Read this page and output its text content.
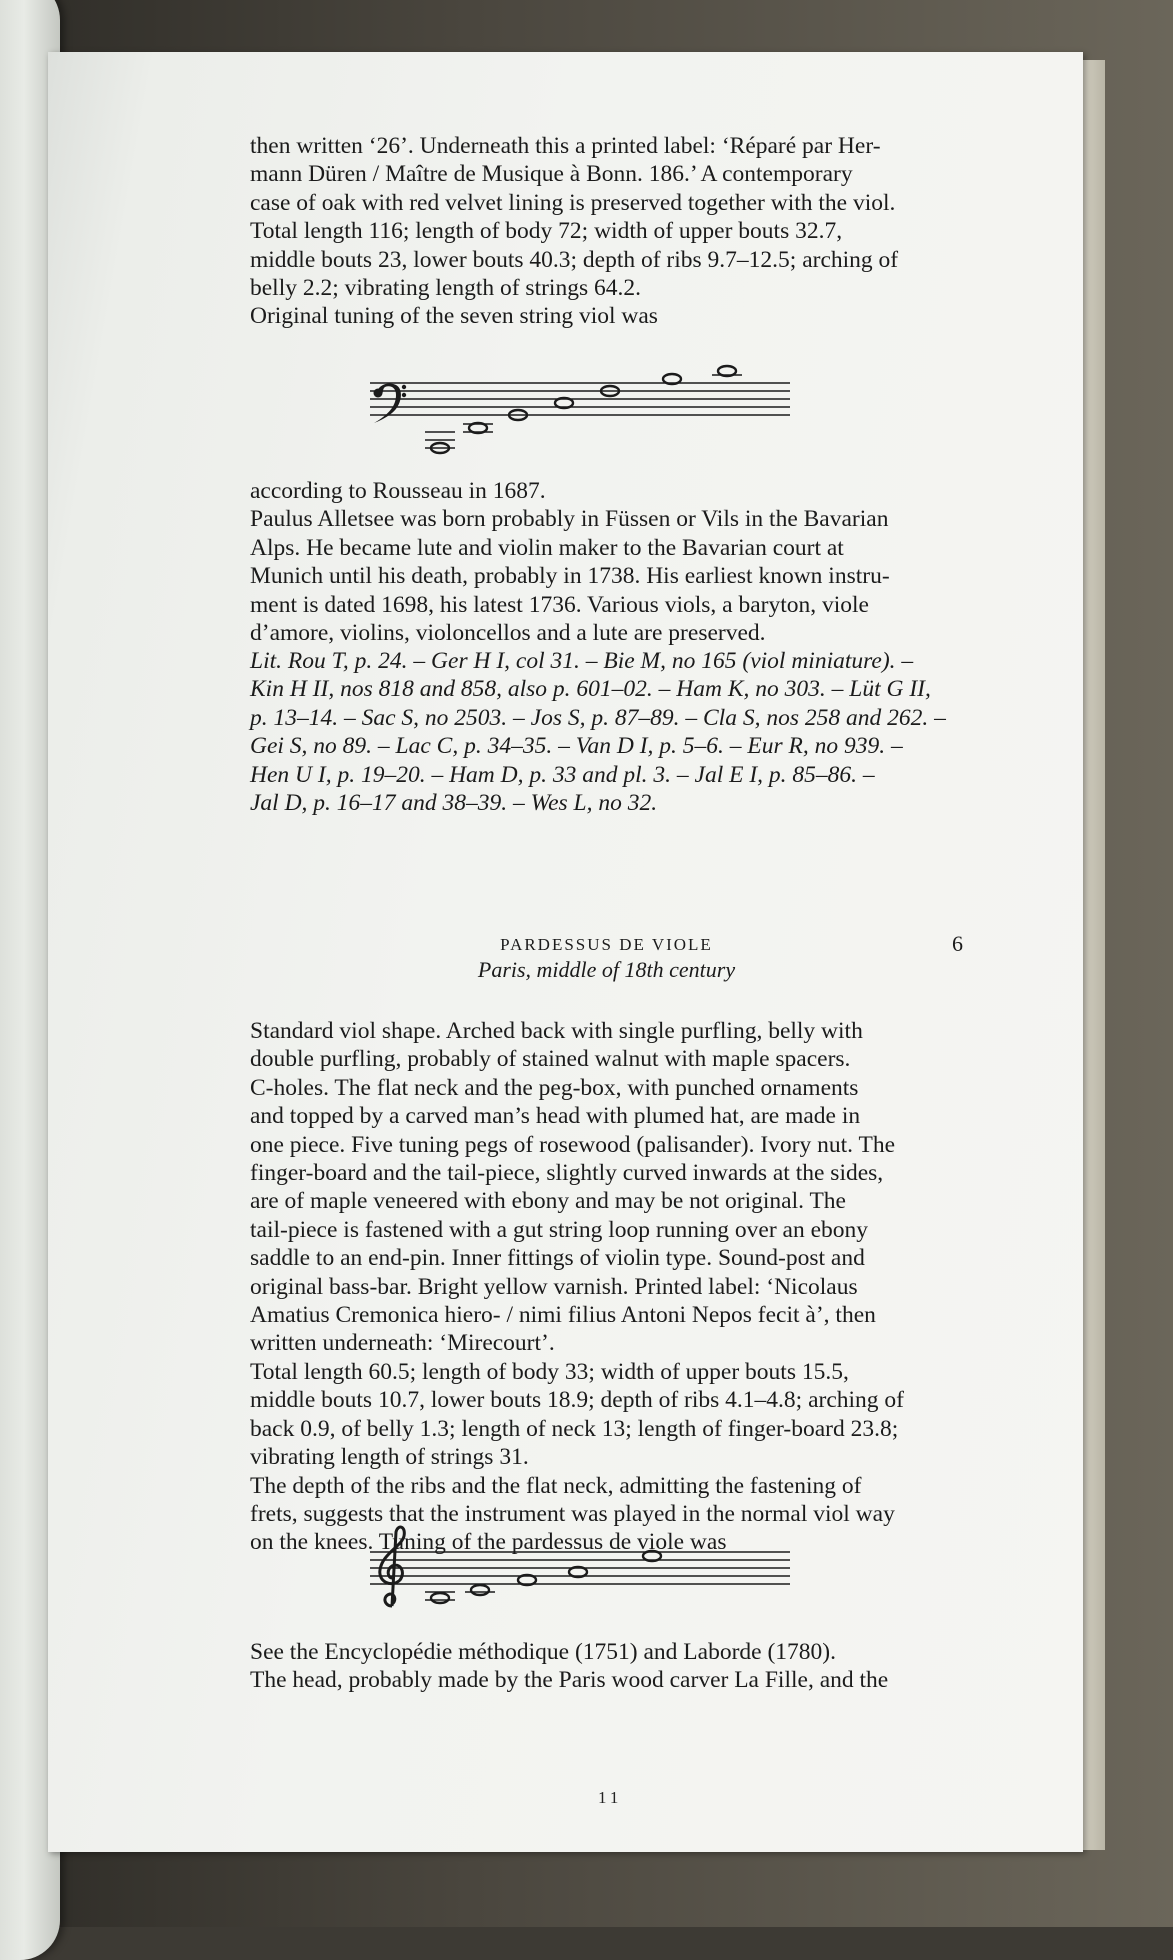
then written ‘26’. Underneath this a printed label: ‘Réparé par Her-

mann Düren / Maître de Musique à Bonn. 186.’ A contemporary

case of oak with red velvet lining is preserved together with the viol.

Total length 116; length of body 72; width of upper bouts 32.7,

middle bouts 23, lower bouts 40.3; depth of ribs 9.7–12.5; arching of

belly 2.2; vibrating length of strings 64.2.

Original tuning of the seven string viol was

according to Rousseau in 1687.

Paulus Alletsee was born probably in Füssen or Vils in the Bavarian

Alps. He became lute and violin maker to the Bavarian court at

Munich until his death, probably in 1738. His earliest known instru-

ment is dated 1698, his latest 1736. Various viols, a baryton, viole

d’amore, violins, violoncellos and a lute are preserved.

Lit. Rou T, p. 24. – Ger H I, col 31. – Bie M, no 165 (viol miniature). –

Kin H II, nos 818 and 858, also p. 601–02. – Ham K, no 303. – Lüt G II,

p. 13–14. – Sac S, no 2503. – Jos S, p. 87–89. – Cla S, nos 258 and 262. –

Gei S, no 89. – Lac C, p. 34–35. – Van D I, p. 5–6. – Eur R, no 939. –

Hen U I, p. 19–20. – Ham D, p. 33 and pl. 3. – Jal E I, p. 85–86. –

Jal D, p. 16–17 and 38–39. – Wes L, no 32.

PARDESSUS DE VIOLE	6
Paris, middle of 18th century

Standard viol shape. Arched back with single purfling, belly with

double purfling, probably of stained walnut with maple spacers.

C-holes. The flat neck and the peg-box, with punched ornaments

and topped by a carved man’s head with plumed hat, are made in

one piece. Five tuning pegs of rosewood (palisander). Ivory nut. The

finger-board and the tail-piece, slightly curved inwards at the sides,

are of maple veneered with ebony and may be not original. The

tail-piece is fastened with a gut string loop running over an ebony

saddle to an end-pin. Inner fittings of violin type. Sound-post and

original bass-bar. Bright yellow varnish. Printed label: ‘Nicolaus

Amatius Cremonica hiero- / nimi filius Antoni Nepos fecit à’, then

written underneath: ‘Mirecourt’.

Total length 60.5; length of body 33; width of upper bouts 15.5,

middle bouts 10.7, lower bouts 18.9; depth of ribs 4.1–4.8; arching of

back 0.9, of belly 1.3; length of neck 13; length of finger-board 23.8;

vibrating length of strings 31.

The depth of the ribs and the flat neck, admitting the fastening of

frets, suggests that the instrument was played in the normal viol way

on the knees. Tuning of the pardessus de viole was

See the Encyclopédie méthodique (1751) and Laborde (1780).

The head, probably made by the Paris wood carver La Fille, and the

11
